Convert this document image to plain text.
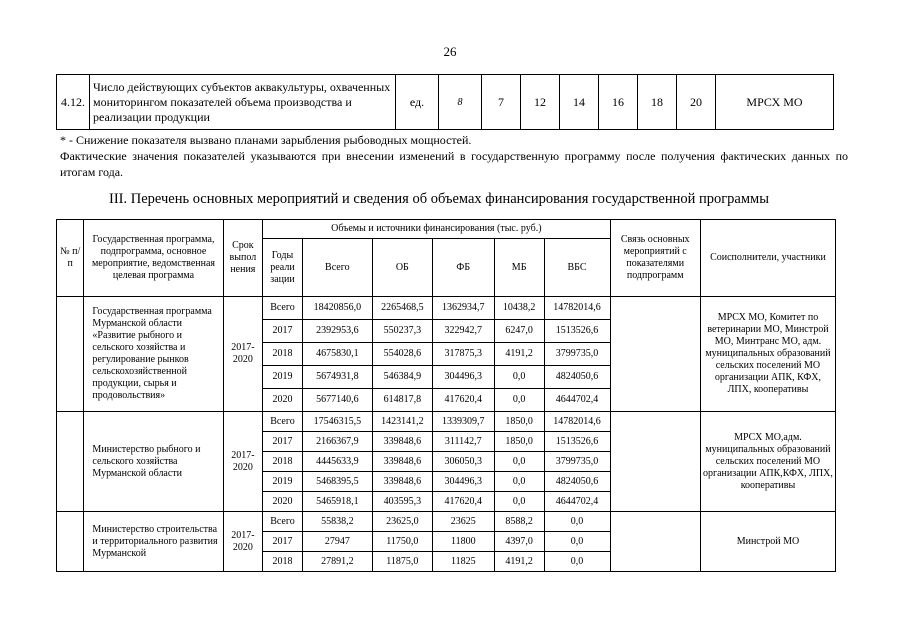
26
4.12.	Число действующих субъектов аквакультуры, охваченных мониторингом показателей объема производства и реализации продукции	ед.	8	7	12	14	16	18	20	МРСХ МО
* - Снижение показателя вызвано планами зарыбления рыбоводных мощностей.
Фактические значения показателей указываются при внесении изменений в государственную программу после получения фактических данных по итогам года.
III. Перечень основных мероприятий и сведения об объемах финансирования государственной программы
№ п/п	Государственная программа, подпрограмма, основное мероприятие, ведомственная целевая программа	Срок выпол нения	Объемы и источники финансирования (тыс. руб.)						Связь основных мероприятий с показателями подпрограмм	Соисполнители, участники
			Годы реали зации	Всего	ОБ	ФБ	МБ	ВБС		
	Государственная программа Мурманской области «Развитие рыбного и сельского хозяйства и регулирование рынков сельскохозяйственной продукции, сырья и продовольствия»	2017-2020	Всего	18420856,0	2265468,5	1362934,7	10438,2	14782014,6		МРСХ МО, Комитет по ветеринарии МО, Минстрой МО, Минтранс МО, адм. муниципальных образований сельских поселений МО организации АПК, КФХ, ЛПХ, кооперативы
			2017	2392953,6	550237,3	322942,7	6247,0	1513526,6		
			2018	4675830,1	554028,6	317875,3	4191,2	3799735,0		
			2019	5674931,8	546384,9	304496,3	0,0	4824050,6		
			2020	5677140,6	614817,8	417620,4	0,0	4644702,4		
	Министерство рыбного и сельского хозяйства Мурманской области	2017-2020	Всего	17546315,5	1423141,2	1339309,7	1850,0	14782014,6		МРСХ МО,адм. муниципальных образований сельских поселений МО организации АПК,КФХ, ЛПХ, кооперативы
			2017	2166367,9	339848,6	311142,7	1850,0	1513526,6		
			2018	4445633,9	339848,6	306050,3	0,0	3799735,0		
			2019	5468395,5	339848,6	304496,3	0,0	4824050,6		
			2020	5465918,1	403595,3	417620,4	0,0	4644702,4		
	Министерство строительства и территориального развития Мурманской	2017-2020	Всего	55838,2	23625,0	23625	8588,2	0,0		Минстрой МО
			2017	27947	11750,0	11800	4397,0	0,0		
			2018	27891,2	11875,0	11825	4191,2	0,0		
